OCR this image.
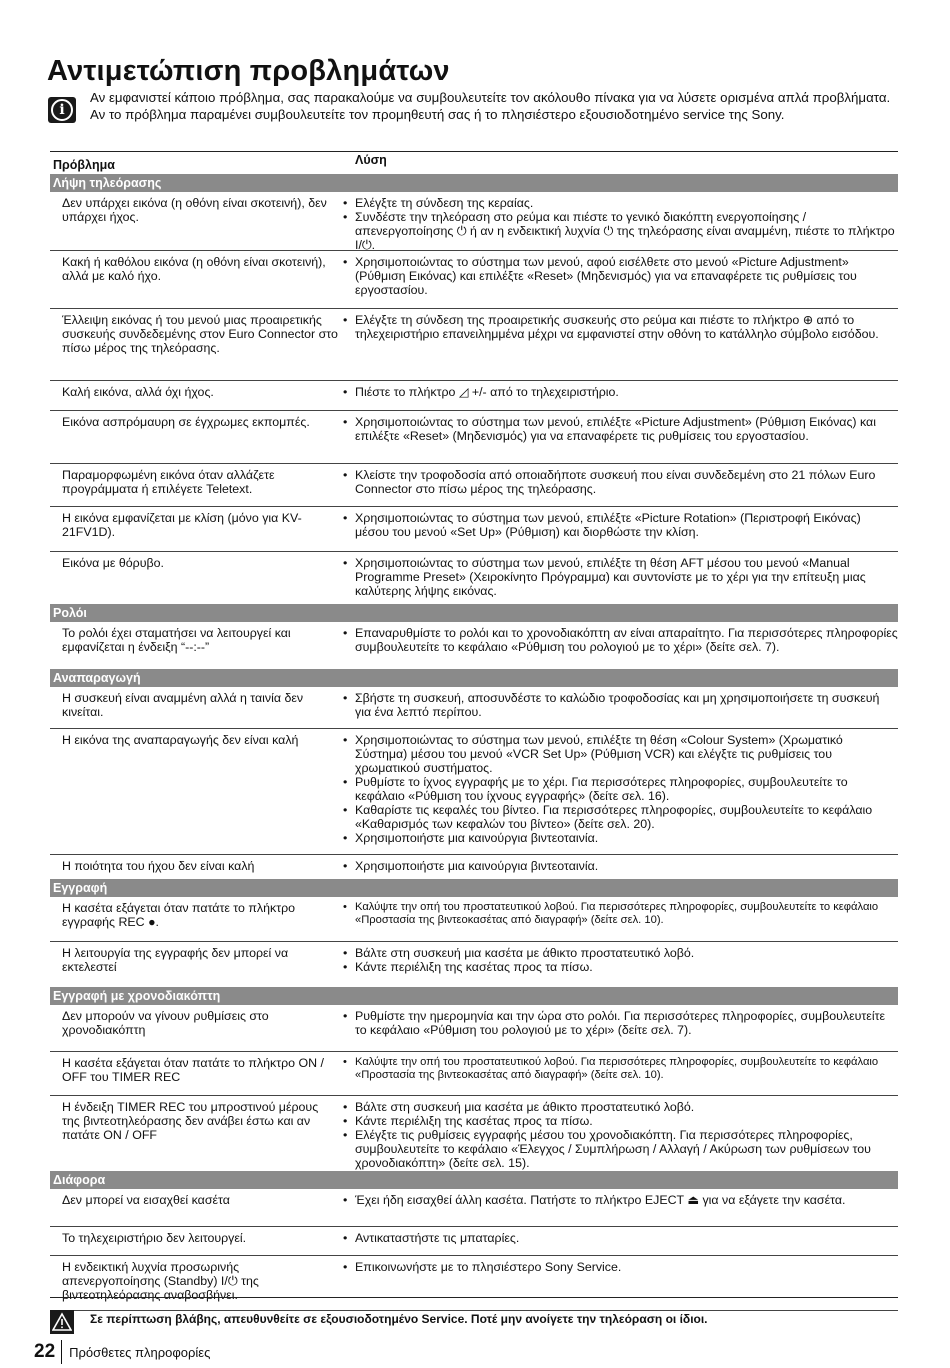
Αντιμετώπιση προβλημάτων
i
Αν εμφανιστεί κάποιο πρόβλημα, σας παρακαλούμε να συμβουλευτείτε τον ακόλουθο πίνακα για να λύσετε ορισμένα απλά προβλήματα. Αν το πρόβλημα παραμένει συμβουλευτείτε τον προμηθευτή σας ή το πλησιέστερο εξουσιοδοτημένο service της Sony.
Πρόβλημα	Λύση
Λήψη τηλεόρασης
Δεν υπάρχει εικόνα (η οθόνη είναι σκοτεινή), δεν υπάρχει ήχος.
• Ελέγξτε τη σύνδεση της κεραίας.
• Συνδέστε την τηλεόραση στο ρεύμα και πιέστε το γενικό διακόπτη ενεργοποίησης / απενεργοποίησης ⏻ ή αν η ενδεικτική λυχνία ⏻ της τηλεόρασης είναι αναμμένη, πιέστε το πλήκτρο I/⏻.
Κακή ή καθόλου εικόνα (η οθόνη είναι σκοτεινή), αλλά με καλό ήχο.
• Χρησιμοποιώντας το σύστημα των μενού, αφού εισέλθετε στο μενού «Picture Adjustment» (Ρύθμιση Εικόνας) και επιλέξτε «Reset» (Μηδενισμός) για να επαναφέρετε τις ρυθμίσεις του εργοστασίου.
Έλλειψη εικόνας ή του μενού μιας προαιρετικής συσκευής συνδεδεμένης στον Euro Connector στο πίσω μέρος της τηλεόρασης.
• Ελέγξτε τη σύνδεση της προαιρετικής συσκευής στο ρεύμα και πιέστε το πλήκτρο ⊕ από το τηλεχειριστήριο επανειλημμένα μέχρι να εμφανιστεί στην οθόνη το κατάλληλο σύμβολο εισόδου.
Καλή εικόνα, αλλά όχι ήχος.	• Πιέστε το πλήκτρο ◿ +/- από το τηλεχειριστήριο.
Εικόνα ασπρόμαυρη σε έγχρωμες εκπομπές.	• Χρησιμοποιώντας το σύστημα των μενού, επιλέξτε «Picture Adjustment» (Ρύθμιση Εικόνας) και επιλέξτε «Reset» (Μηδενισμός) για να επαναφέρετε τις ρυθμίσεις του εργοστασίου.
Παραμορφωμένη εικόνα όταν αλλάζετε προγράμματα ή επιλέγετε Teletext.
• Κλείστε την τροφοδοσία από οποιαδήποτε συσκευή που είναι συνδεδεμένη στο 21 πόλων Euro Connector στο πίσω μέρος της τηλεόρασης.
Η εικόνα εμφανίζεται με κλίση (μόνο για KV-21FV1D).
• Χρησιμοποιώντας το σύστημα των μενού, επιλέξτε «Picture Rotation» (Περιστροφή Εικόνας) μέσου του μενού «Set Up» (Ρύθμιση) και διορθώστε την κλίση.
Εικόνα με θόρυβο.	• Χρησιμοποιώντας το σύστημα των μενού, επιλέξτε τη θέση AFT μέσου του μενού «Manual Programme Preset» (Χειροκίνητο Πρόγραμμα) και συντονίστε με το χέρι για την επίτευξη μιας καλύτερης λήψης εικόνας.
Ρολόι
Το ρολόι έχει σταματήσει να λειτουργεί και εμφανίζεται η ένδειξη “--:--”
• Επαναρυθμίστε το ρολόι και το χρονοδιακόπτη αν είναι απαραίτητο. Για περισσότερες πληροφορίες συμβουλευτείτε το κεφάλαιο «Ρύθμιση του ρολογιού με το χέρι» (δείτε σελ. 7).
Αναπαραγωγή
Η συσκευή είναι αναμμένη αλλά η ταινία δεν κινείται.
• Σβήστε τη συσκευή, αποσυνδέστε το καλώδιο τροφοδοσίας και μη χρησιμοποιήσετε τη συσκευή για ένα λεπτό περίπου.
Η εικόνα της αναπαραγωγής δεν είναι καλή	• Χρησιμοποιώντας το σύστημα των μενού, επιλέξτε τη θέση «Colour System» (Χρωματικό Σύστημα) μέσου του μενού «VCR Set Up» (Ρύθμιση VCR) και ελέγξτε τις ρυθμίσεις του χρωματικού συστήματος.
• Ρυθμίστε το ίχνος εγγραφής με το χέρι. Για περισσότερες πληροφορίες, συμβουλευτείτε το κεφάλαιο «Ρύθμιση του ίχνους εγγραφής» (δείτε σελ. 16).
• Καθαρίστε τις κεφαλές του βίντεο. Για περισσότερες πληροφορίες, συμβουλευτείτε το κεφάλαιο «Καθαρισμός των κεφαλών του βίντεο» (δείτε σελ. 20).
• Χρησιμοποιήστε μια καινούργια βιντεοταινία.
Η ποιότητα του ήχου δεν είναι καλή	• Χρησιμοποιήστε μια καινούργια βιντεοταινία.
Εγγραφή
Η κασέτα εξάγεται όταν πατάτε το πλήκτρο εγγραφής REC ●.
• Καλύψτε την οπή του προστατευτικού λοβού. Για περισσότερες πληροφορίες, συμβουλευτείτε το κεφάλαιο «Προστασία της βιντεοκασέτας από διαγραφή» (δείτε σελ. 10).
Η λειτουργία της εγγραφής δεν μπορεί να εκτελεστεί
• Βάλτε στη συσκευή μια κασέτα με άθικτο προστατευτικό λοβό.
• Κάντε περιέλιξη της κασέτας προς τα πίσω.
Εγγραφή με χρονοδιακόπτη
Δεν μπορούν να γίνουν ρυθμίσεις στο χρονοδιακόπτη
• Ρυθμίστε την ημερομηνία και την ώρα στο ρολόι. Για περισσότερες πληροφορίες, συμβουλευτείτε το κεφάλαιο «Ρύθμιση του ρολογιού με το χέρι» (δείτε σελ. 7).
Η κασέτα εξάγεται όταν πατάτε το πλήκτρο ON / OFF του TIMER REC
• Καλύψτε την οπή του προστατευτικού λοβού. Για περισσότερες πληροφορίες, συμβουλευτείτε το κεφάλαιο «Προστασία της βιντεοκασέτας από διαγραφή» (δείτε σελ. 10).
Η ένδειξη TIMER REC του μπροστινού μέρους της βιντεοτηλεόρασης δεν ανάβει έστω και αν πατάτε ON / OFF
• Βάλτε στη συσκευή μια κασέτα με άθικτο προστατευτικό λοβό.
• Κάντε περιέλιξη της κασέτας προς τα πίσω.
• Ελέγξτε τις ρυθμίσεις εγγραφής μέσου του χρονοδιακόπτη. Για περισσότερες πληροφορίες, συμβουλευτείτε το κεφάλαιο «Έλεγχος / Συμπλήρωση / Αλλαγή / Ακύρωση των ρυθμίσεων του χρονοδιακόπτη» (δείτε σελ. 15).
Διάφορα
Δεν μπορεί να εισαχθεί κασέτα	• Έχει ήδη εισαχθεί άλλη κασέτα. Πατήστε το πλήκτρο EJECT ⏏ για να εξάγετε την κασέτα.
Το τηλεχειριστήριο δεν λειτουργεί.	• Αντικαταστήστε τις μπαταρίες.
Η ενδεικτική λυχνία προσωρινής απενεργοποίησης (Standby) I/⏻ της βιντεοτηλεόρασης αναβοσβήνει.
• Επικοινωνήστε με το πλησιέστερο Sony Service.
Σε περίπτωση βλάβης, απευθυνθείτε σε εξουσιοδοτημένο Service. Ποτέ μην ανοίγετε την τηλεόραση οι ίδιοι.
22	Πρόσθετες πληροφορίες
